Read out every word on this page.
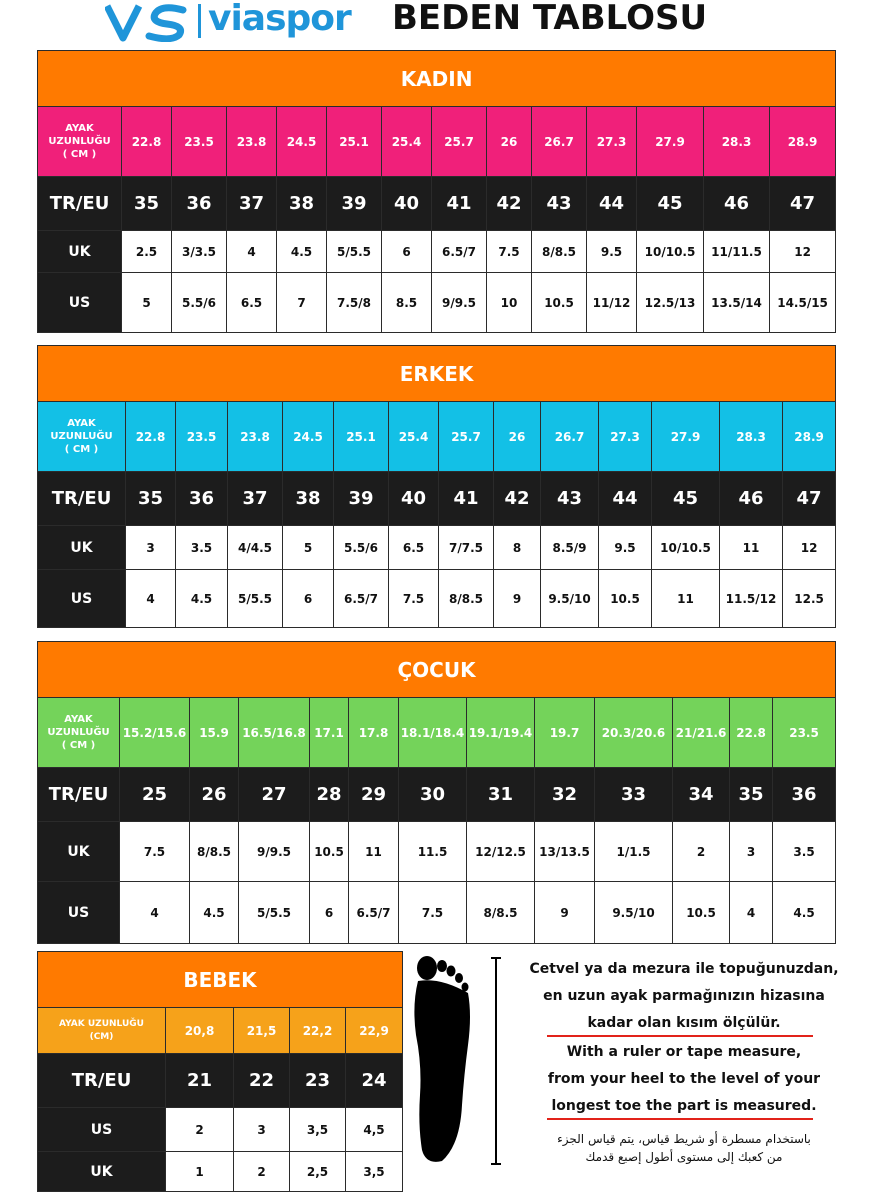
viaspor BEDEN TABLOSU
KADIN													
AYAK
UZUNLUĞU
( CM )	22.8	23.5	23.8	24.5	25.1	25.4	25.7	26	26.7	27.3	27.9	28.3	28.9
TR/EU	35	36	37	38	39	40	41	42	43	44	45	46	47
UK	2.5	3/3.5	4	4.5	5/5.5	6	6.5/7	7.5	8/8.5	9.5	10/10.5	11/11.5	12
US	5	5.5/6	6.5	7	7.5/8	8.5	9/9.5	10	10.5	11/12	12.5/13	13.5/14	14.5/15
ERKEK													
AYAK
UZUNLUĞU
( CM )	22.8	23.5	23.8	24.5	25.1	25.4	25.7	26	26.7	27.3	27.9	28.3	28.9
TR/EU	35	36	37	38	39	40	41	42	43	44	45	46	47
UK	3	3.5	4/4.5	5	5.5/6	6.5	7/7.5	8	8.5/9	9.5	10/10.5	11	12
US	4	4.5	5/5.5	6	6.5/7	7.5	8/8.5	9	9.5/10	10.5	11	11.5/12	12.5
ÇOCUK												
AYAK
UZUNLUĞU
( CM )	15.2/15.6	15.9	16.5/16.8	17.1	17.8	18.1/18.4	19.1/19.4	19.7	20.3/20.6	21/21.6	22.8	23.5
TR/EU	25	26	27	28	29	30	31	32	33	34	35	36
UK	7.5	8/8.5	9/9.5	10.5	11	11.5	12/12.5	13/13.5	1/1.5	2	3	3.5
US	4	4.5	5/5.5	6	6.5/7	7.5	8/8.5	9	9.5/10	10.5	4	4.5
BEBEK				
AYAK UZUNLUĞU
(CM)	20,8	21,5	22,2	22,9
TR/EU	21	22	23	24
US	2	3	3,5	4,5
UK	1	2	2,5	3,5
Cetvel ya da mezura ile topuğunuzdan,
en uzun ayak parmağınızın hizasına
kadar olan kısım ölçülür.
With a ruler or tape measure,
from your heel to the level of your
longest toe the part is measured.
باستخدام مسطرة أو شريط قياس، يتم قياس الجزء
من كعبك إلى مستوى أطول إصبع قدمك
